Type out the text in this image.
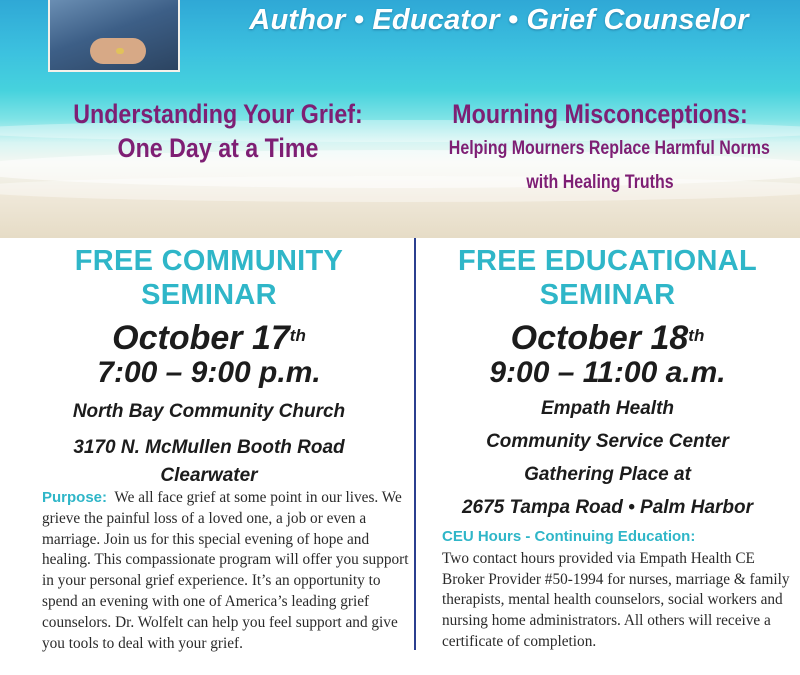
Author • Educator • Grief Counselor
Understanding Your Grief:
One Day at a Time
Mourning Misconceptions:
Helping Mourners Replace Harmful Norms
with Healing Truths
FREE COMMUNITY
SEMINAR
October 17th
7:00 – 9:00 p.m.
North Bay Community Church
3170 N. McMullen Booth Road
Clearwater
Purpose: We all face grief at some point in our lives. We grieve the painful loss of a loved one, a job or even a marriage. Join us for this special evening of hope and healing. This compassionate program will offer you support in your personal grief experience. It’s an opportunity to spend an evening with one of America’s leading grief counselors. Dr. Wolfelt can help you feel support and give you tools to deal with your grief.
FREE EDUCATIONAL
SEMINAR
October 18th
9:00 – 11:00 a.m.
Empath Health
Community Service Center
Gathering Place at
2675 Tampa Road • Palm Harbor
CEU Hours - Continuing Education:
Two contact hours provided via Empath Health CE Broker Provider #50-1994 for nurses, marriage & family therapists, mental health counselors, social workers and nursing home administrators. All others will receive a certificate of completion.
